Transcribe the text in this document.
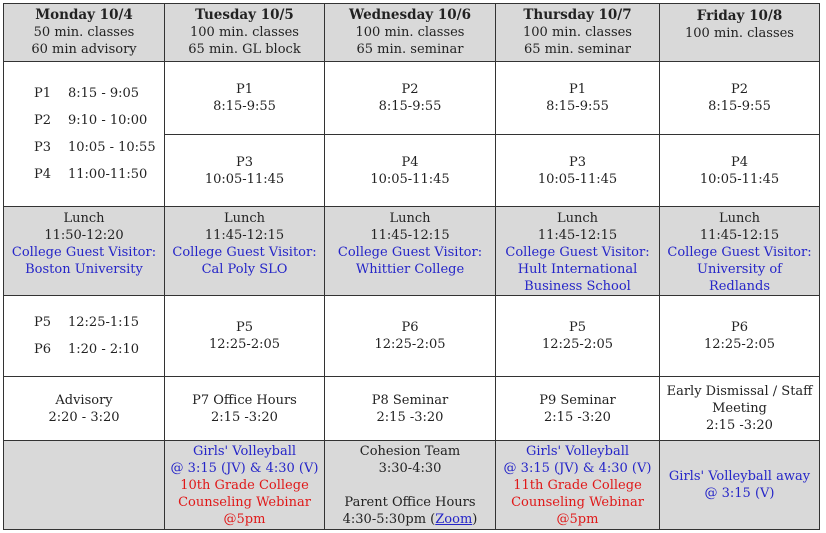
Monday 10/4
50 min. classes
60 min advisory	Tuesday 10/5
100 min. classes
65 min. GL block	Wednesday 10/6
100 min. classes
65 min. seminar	Thursday 10/7
100 min. classes
65 min. seminar	Friday 10/8
100 min. classes

P1 8:15 - 9:05
P2 9:10 - 10:00
P3 10:05 - 10:55
P4 11:00-11:50	P1
8:15-9:55	P2
8:15-9:55	P1
8:15-9:55	P2
8:15-9:55

	P3
10:05-11:45	P4
10:05-11:45	P3
10:05-11:45	P4
10:05-11:45

Lunch
11:50-12:20
College Guest Visitor:
Boston University	Lunch
11:45-12:15
College Guest Visitor:
Cal Poly SLO	Lunch
11:45-12:15
College Guest Visitor:
Whittier College	Lunch
11:45-12:15
College Guest Visitor:
Hult International
Business School	Lunch
11:45-12:15
College Guest Visitor:
University of
Redlands

P5 12:25-1:15
P6 1:20 - 2:10	P5
12:25-2:05	P6
12:25-2:05	P5
12:25-2:05	P6
12:25-2:05

Advisory
2:20 - 3:20	P7 Office Hours
2:15 -3:20	P8 Seminar
2:15 -3:20	P9 Seminar
2:15 -3:20	Early Dismissal / Staff
Meeting
2:15 -3:20

	Girls' Volleyball
@ 3:15 (JV) & 4:30 (V)
10th Grade College
Counseling Webinar
@5pm	Cohesion Team
3:30-4:30
Parent Office Hours
4:30-5:30pm (Zoom)	Girls' Volleyball
@ 3:15 (JV) & 4:30 (V)
11th Grade College
Counseling Webinar
@5pm	Girls' Volleyball away
@ 3:15 (V)
